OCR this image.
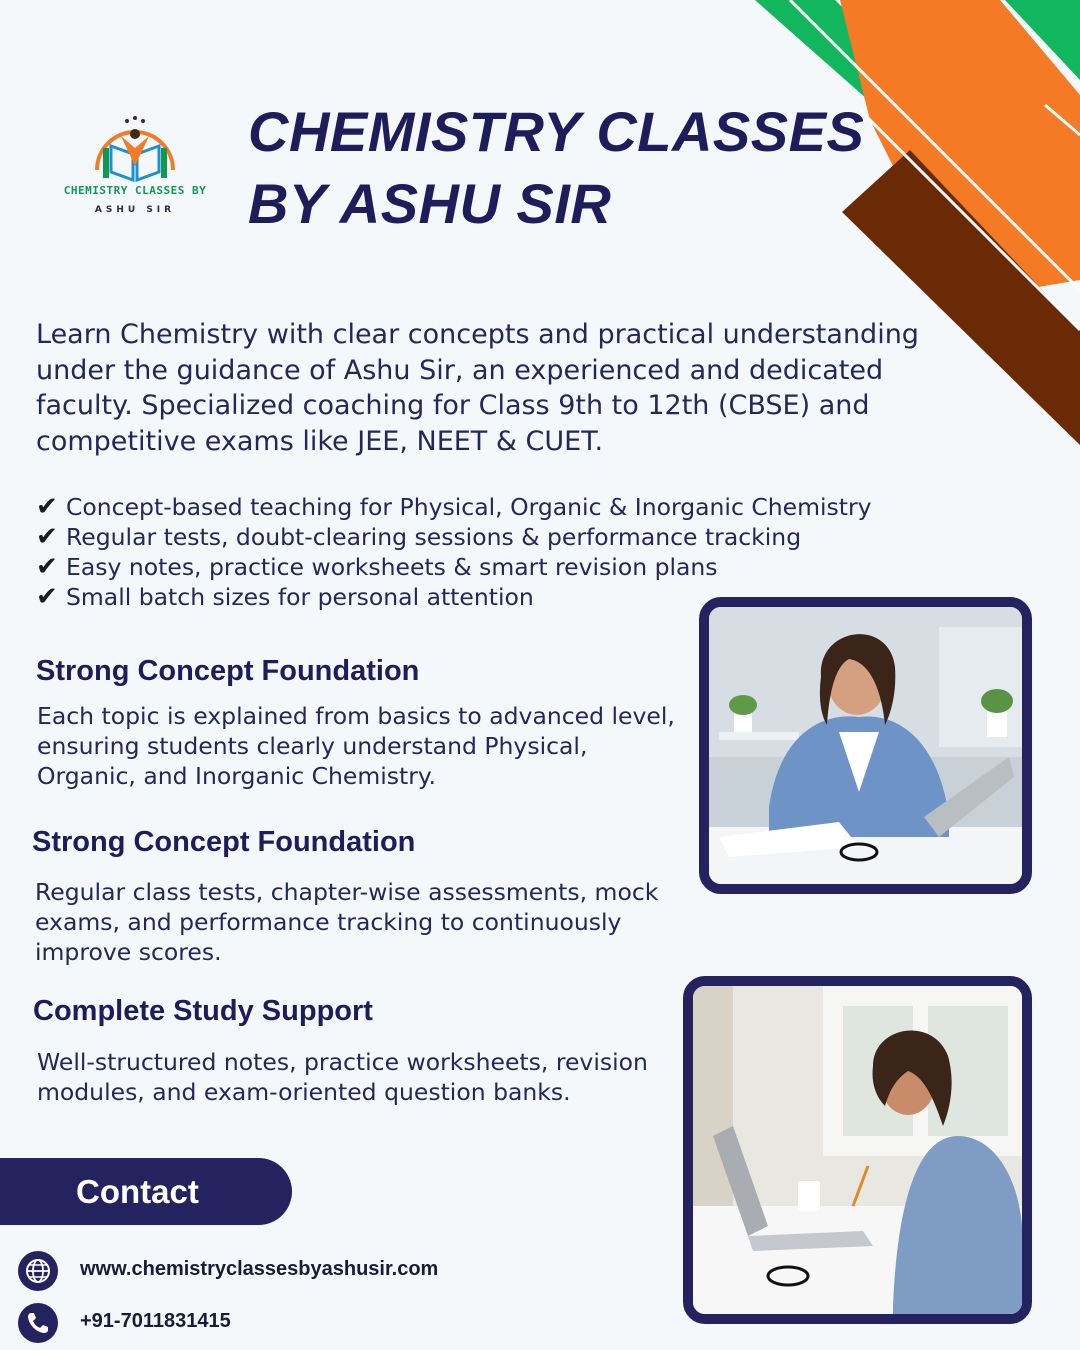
CHEMISTRY CLASSES BY
ASHU SIR
CHEMISTRY CLASSES
BY ASHU SIR
Learn Chemistry with clear concepts and practical understanding under the guidance of Ashu Sir, an experienced and dedicated faculty. Specialized coaching for Class 9th to 12th (CBSE) and competitive exams like JEE, NEET & CUET.
✔ Concept-based teaching for Physical, Organic & Inorganic Chemistry
✔ Regular tests, doubt-clearing sessions & performance tracking
✔ Easy notes, practice worksheets & smart revision plans
✔ Small batch sizes for personal attention
Strong Concept Foundation
Each topic is explained from basics to advanced level, ensuring students clearly understand Physical, Organic, and Inorganic Chemistry.
Strong Concept Foundation
Regular class tests, chapter-wise assessments, mock exams, and performance tracking to continuously improve scores.
Complete Study Support
Well-structured notes, practice worksheets, revision modules, and exam-oriented question banks.
Contact
www.chemistryclassesbyashusir.com
+91-7011831415
